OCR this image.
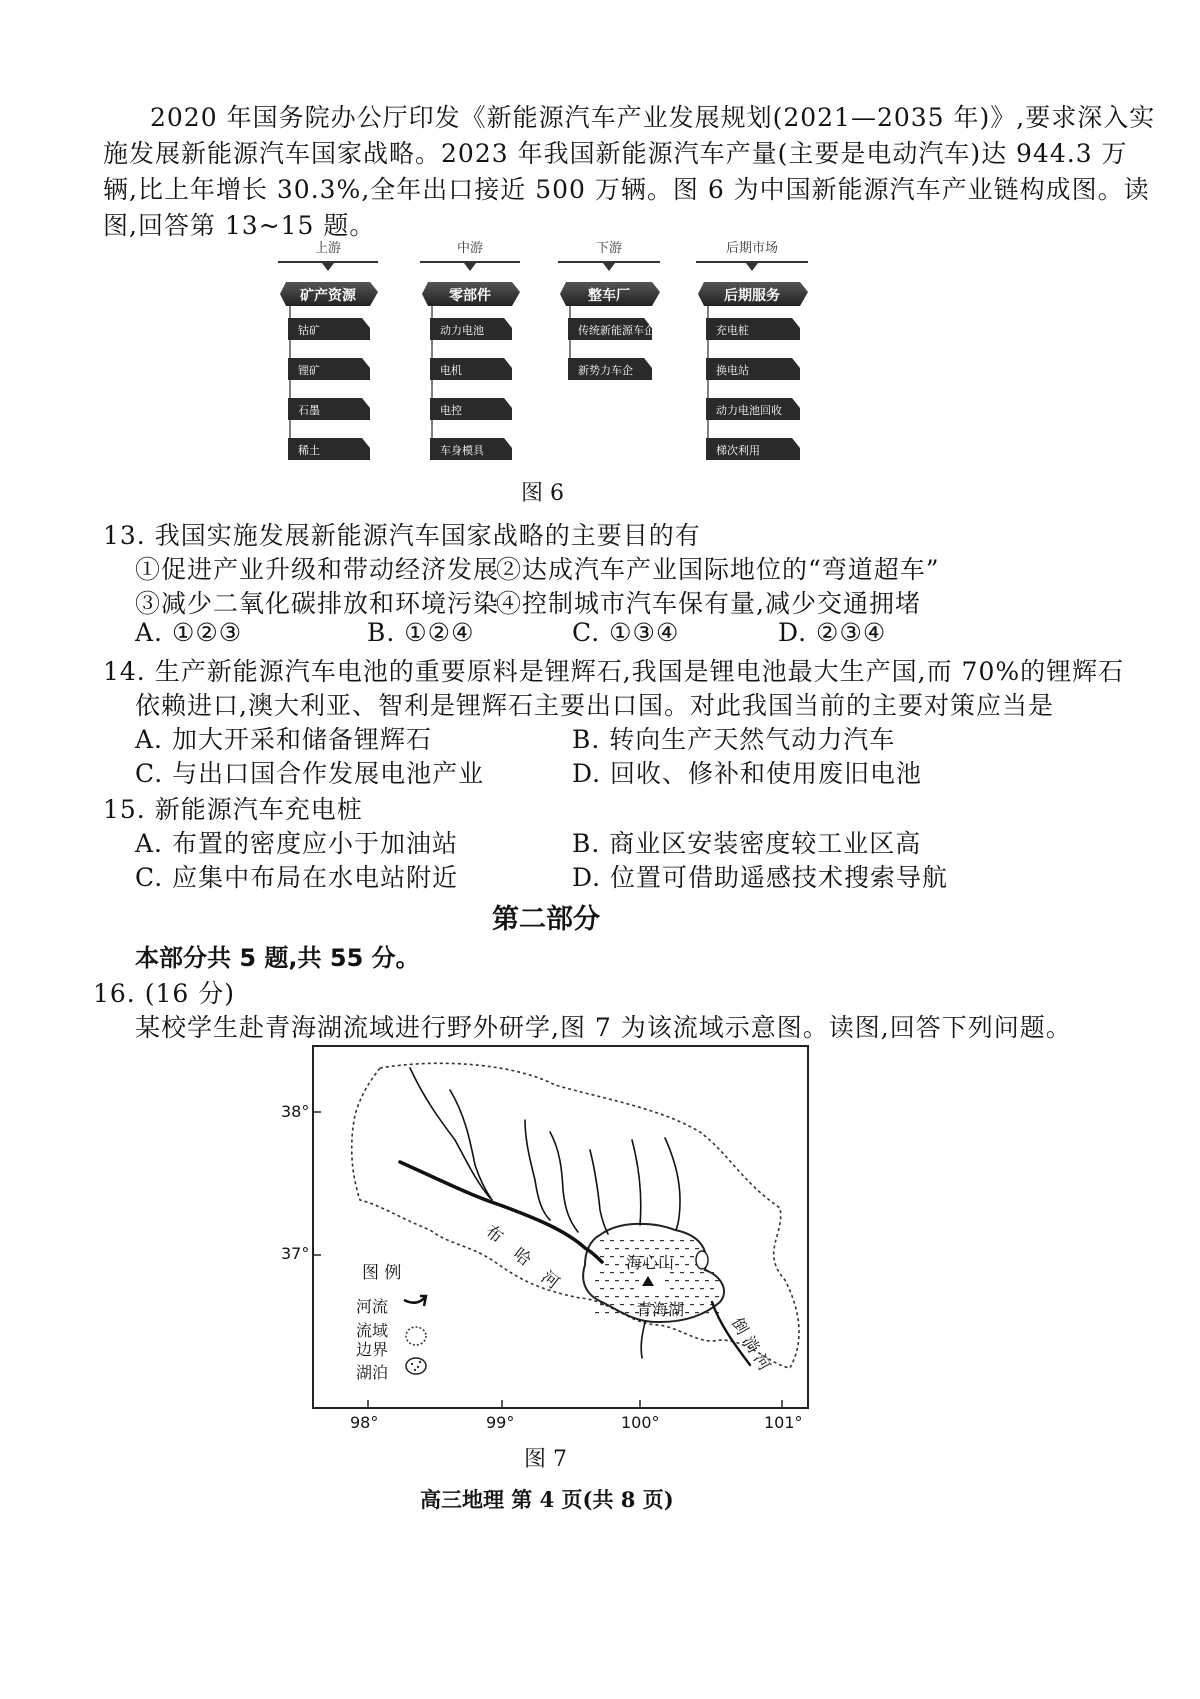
2020 年国务院办公厅印发《新能源汽车产业发展规划(2021—2035 年)》,要求深入实
施发展新能源汽车国家战略。2023 年我国新能源汽车产量(主要是电动汽车)达 944.3 万
辆,比上年增长 30.3%,全年出口接近 500 万辆。图 6 为中国新能源汽车产业链构成图。读
图,回答第 13~15 题。
上游
矿产资源
钴矿
锂矿
石墨
稀土
中游
零部件
动力电池
电机
电控
车身模具
下游
整车厂
传统新能源车企
新势力车企
后期市场
后期服务
充电桩
换电站
动力电池回收
梯次利用
图 6
13. 我国实施发展新能源汽车国家战略的主要目的有
①促进产业升级和带动经济发展
②达成汽车产业国际地位的“弯道超车”
③减少二氧化碳排放和环境污染
④控制城市汽车保有量,减少交通拥堵
A. ①②③	B. ①②④	C. ①③④	D. ②③④
14. 生产新能源汽车电池的重要原料是锂辉石,我国是锂电池最大生产国,而 70%的锂辉石
依赖进口,澳大利亚、智利是锂辉石主要出口国。对此我国当前的主要对策应当是
A. 加大开采和储备锂辉石	B. 转向生产天然气动力汽车
C. 与出口国合作发展电池产业	D. 回收、修补和使用废旧电池
15. 新能源汽车充电桩
A. 布置的密度应小于加油站	B. 商业区安装密度较工业区高
C. 应集中布局在水电站附近	D. 位置可借助遥感技术搜索导航
第二部分
本部分共 5 题,共 55 分。
16. (16 分)
某校学生赴青海湖流域进行野外研学,图 7 为该流域示意图。读图,回答下列问题。
38°
37°
98°	99°	100°	101°
图 例
河流
流域
边界
湖泊
布
哈
河
倒
淌
河
海心山
青海湖
图 7
高三地理 第 4 页(共 8 页)
